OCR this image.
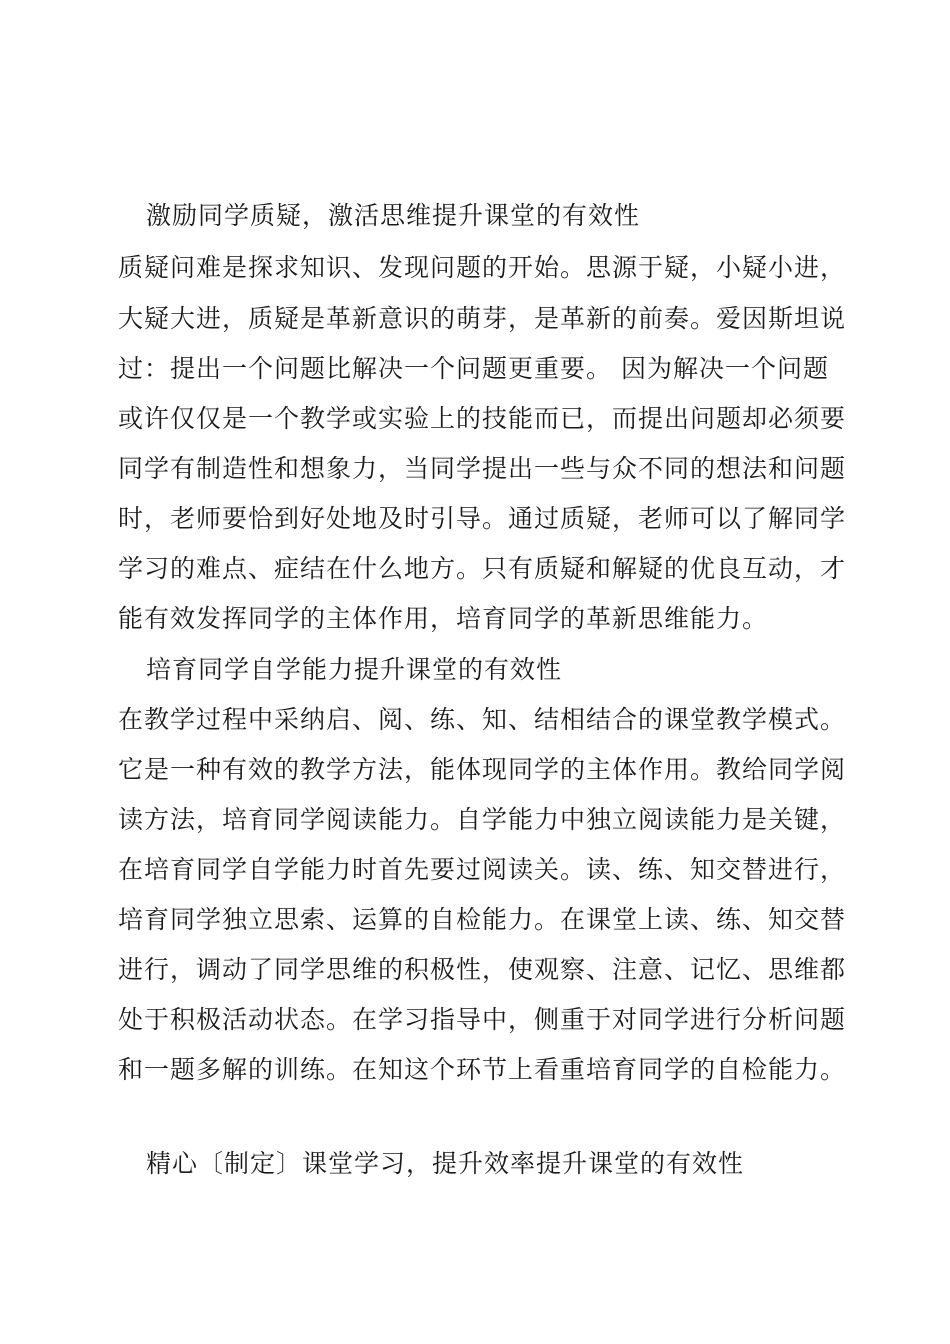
激励同学质疑，激活思维提升课堂的有效性
质疑问难是探求知识、发现问题的开始。思源于疑，小疑小进，
大疑大进，质疑是革新意识的萌芽，是革新的前奏。爱因斯坦说
过：提出一个问题比解决一个问题更重要。 因为解决一个问题
或许仅仅是一个教学或实验上的技能而已，而提出问题却必须要
同学有制造性和想象力，当同学提出一些与众不同的想法和问题
时，老师要恰到好处地及时引导。通过质疑，老师可以了解同学
学习的难点、症结在什么地方。只有质疑和解疑的优良互动，才
能有效发挥同学的主体作用，培育同学的革新思维能力。
培育同学自学能力提升课堂的有效性
在教学过程中采纳启、阅、练、知、结相结合的课堂教学模式。
它是一种有效的教学方法，能体现同学的主体作用。教给同学阅
读方法，培育同学阅读能力。自学能力中独立阅读能力是关键，
在培育同学自学能力时首先要过阅读关。读、练、知交替进行，
培育同学独立思索、运算的自检能力。在课堂上读、练、知交替
进行，调动了同学思维的积极性，使观察、注意、记忆、思维都
处于积极活动状态。在学习指导中，侧重于对同学进行分析问题
和一题多解的训练。在知这个环节上看重培育同学的自检能力。
精心〔制定〕课堂学习，提升效率提升课堂的有效性
